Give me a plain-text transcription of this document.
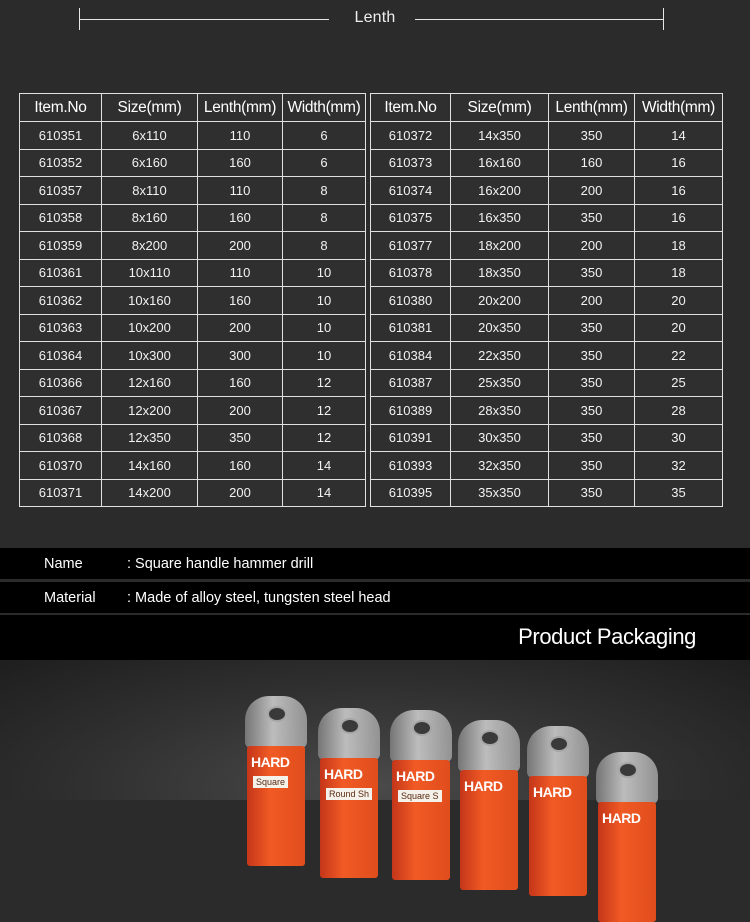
Lenth
Item.No	Size(mm)	Lenth(mm)	Width(mm)
610351	6x110	110	6
610352	6x160	160	6
610357	8x110	110	8
610358	8x160	160	8
610359	8x200	200	8
610361	10x110	110	10
610362	10x160	160	10
610363	10x200	200	10
610364	10x300	300	10
610366	12x160	160	12
610367	12x200	200	12
610368	12x350	350	12
610370	14x160	160	14
610371	14x200	200	14
Item.No	Size(mm)	Lenth(mm)	Width(mm)
610372	14x350	350	14
610373	16x160	160	16
610374	16x200	200	16
610375	16x350	350	16
610377	18x200	200	18
610378	18x350	350	18
610380	20x200	200	20
610381	20x350	350	20
610384	22x350	350	22
610387	25x350	350	25
610389	28x350	350	28
610391	30x350	350	30
610393	32x350	350	32
610395	35x350	350	35
Name	: Square handle hammer drill
Material : Made of alloy steel, tungsten steel head
Product Packaging
HARD
Square	HARD
Round Sh
HARD
Square S
HARD HARD
HARD
